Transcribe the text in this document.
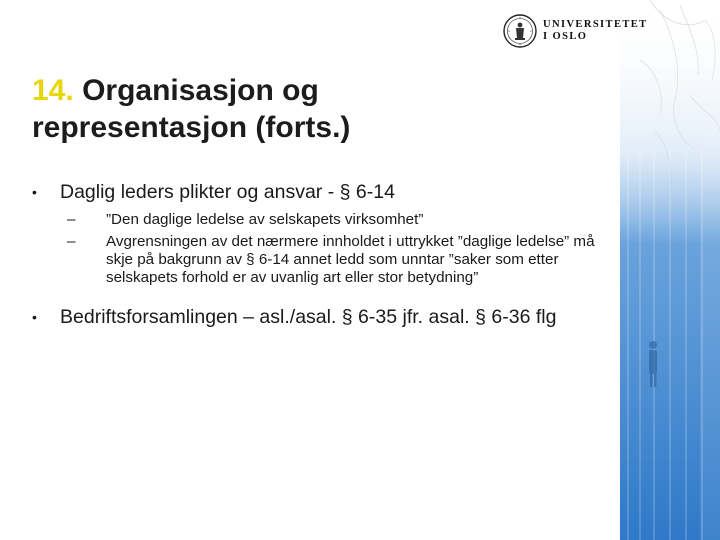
UNIVERSITETET
I OSLO
14. Organisasjon og
representasjon (forts.)
• Daglig leders plikter og ansvar - § 6-14
– ”Den daglige ledelse av selskapets virksomhet”
– Avgrensningen av det nærmere innholdet i uttrykket ”daglige ledelse” må skje på bakgrunn av § 6-14 annet ledd som unntar ”saker som etter selskapets forhold er av uvanlig art eller stor betydning”
• Bedriftsforsamlingen – asl./asal. § 6-35 jfr. asal. § 6-36 flg
